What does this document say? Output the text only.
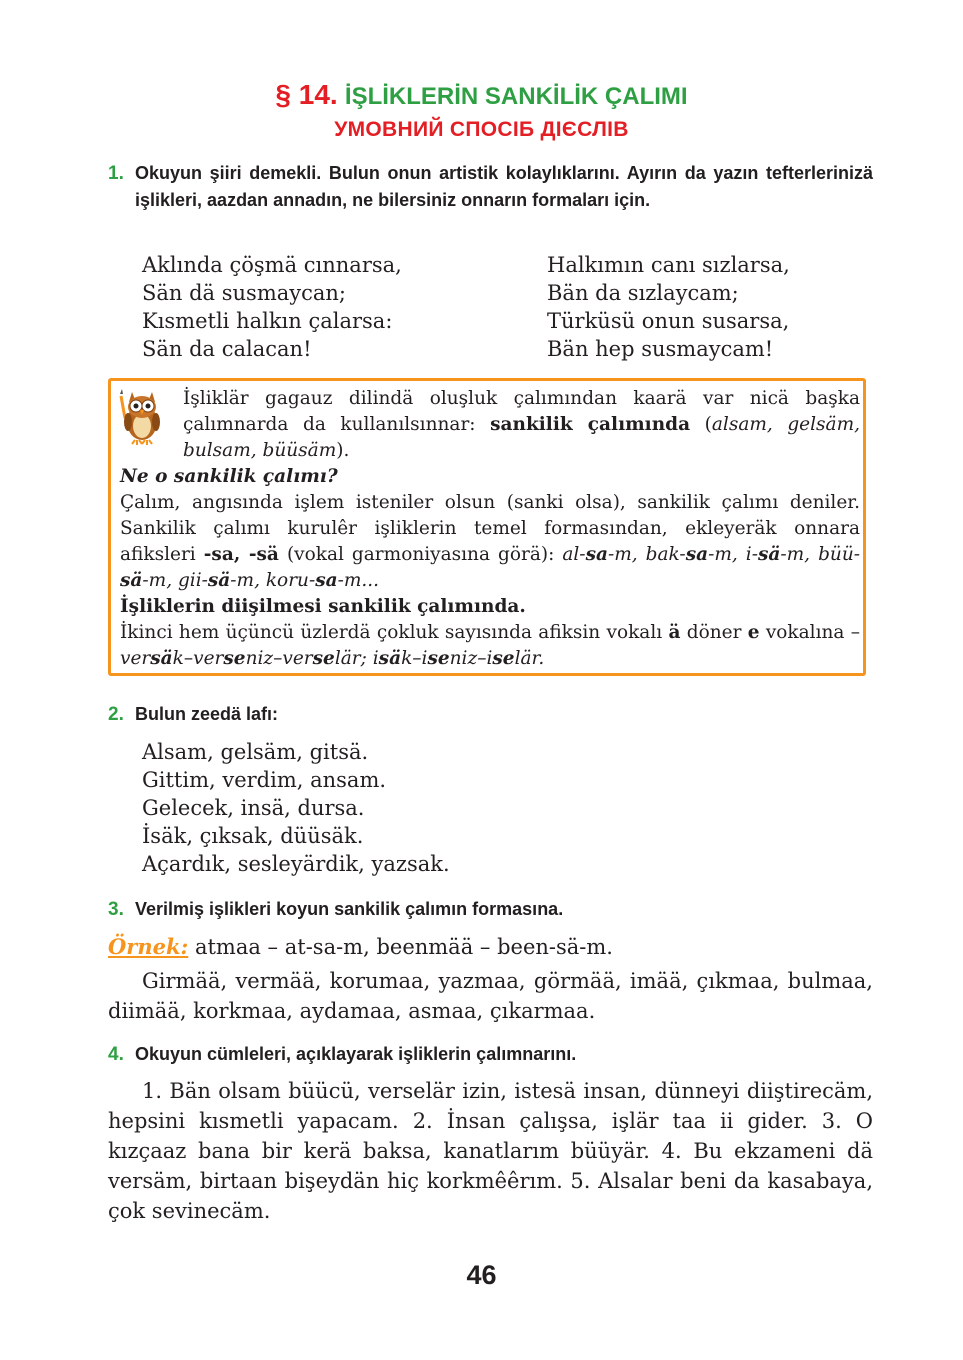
§ 14. İŞLİKLERİN SANKİLİK ÇALIMI
УМОВНИЙ СПОСІБ ДІЄСЛІВ
1. Okuyun şiiri demekli. Bulun onun artistik kolaylıklarını. Ayırın da yazın tefterlerinizä işlikleri, aazdan annadın, ne bilersiniz onnarın formaları için.
Aklında çöşmä cınnarsa,
Sän dä susmaycan;
Kısmetli halkın çalarsa:
Sän da calacan!
Halkımın canı sızlarsa,
Bän da sızlaycam;
Türküsü onun susarsa,
Bän hep susmaycam!
İşliklär gagauz dilindä oluşluk çalımından kaarä var nicä başka çalımnarda da kullanılsınnar: sankilik çalımında (alsam, gelsäm, bulsam, büüsäm).
Ne o sankilik çalımı?
Çalım, angısında işlem isteniler olsun (sanki olsa), sankilik çalımı deniler. Sankilik çalımı kurulêr işliklerin temel formasından, ekleyeräk onnara afiksleri -sa, -sä (vokal garmoniyasına görä): al-sa-m, bak-sa-m, i-sä-m, büü-sä-m, gii-sä-m, koru-sa-m...
İşliklerin diişilmesi sankilik çalımında.
İkinci hem üçüncü üzlerdä çokluk sayısında afiksin vokalı ä döner e vokalına – versäk–verseniz–verselär; isäk–iseniz–iselär.
2. Bulun zeedä lafı:
Alsam, gelsäm, gitsä.
Gittim, verdim, ansam.
Gelecek, insä, dursa.
İsäk, çıksak, düüsäk.
Açardık, sesleyärdik, yazsak.
3. Verilmiş işlikleri koyun sankilik çalımın formasına.
Örnek: atmaa – at-sa-m, beenmää – been-sä-m.
Girmää, vermää, korumaa, yazmaa, görmää, imää, çıkmaa, bulmaa, diimää, korkmaa, aydamaa, asmaa, çıkarmaa.
4. Okuyun cümleleri, açıklayarak işliklerin çalımnarını.
1. Bän olsam büücü, verselär izin, istesä insan, dünneyi diiştirecäm, hepsini kısmetli yapacam. 2. İnsan çalışsa, işlär taa ii gider. 3. O kızçaaz bana bir kerä baksa, kanatlarım büüyär. 4. Bu ekzameni dä versäm, birtaan bişeydän hiç korkmêêrım. 5. Alsalar beni da kasabaya, çok sevinecäm.
46
